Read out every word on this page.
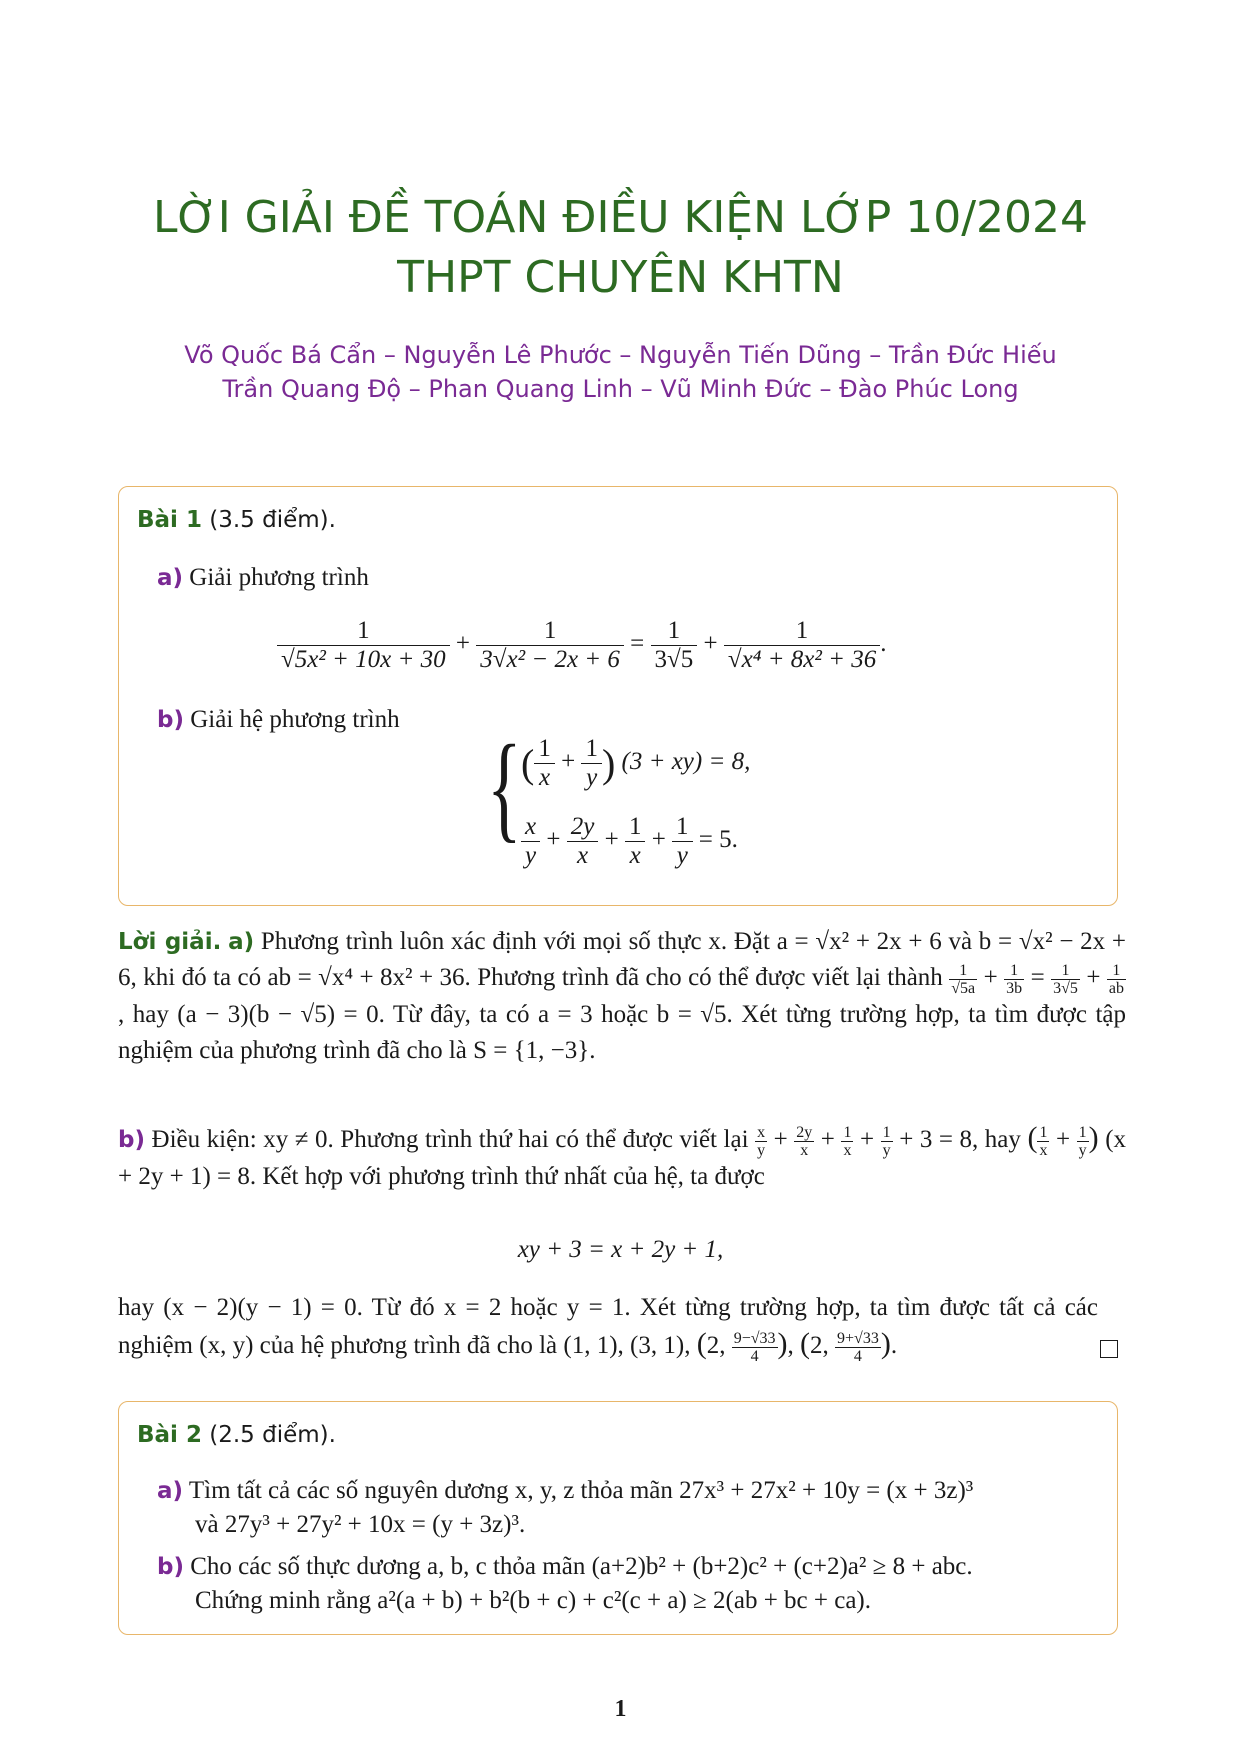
LỜI GIẢI ĐỀ TOÁN ĐIỀU KIỆN LỚP 10/2024
THPT CHUYÊN KHTN
Võ Quốc Bá Cẩn – Nguyễn Lê Phước – Nguyễn Tiến Dũng – Trần Đức Hiếu
Trần Quang Độ – Phan Quang Linh – Vũ Minh Đức – Đào Phúc Long
Bài 1 (3.5 điểm).
a) Giải phương trình
$\frac{1}{\text{√5x² + 10x + 30}} + \frac{1}{\text{3√x² − 2x + 6}} = \frac{1}{3√5} + \frac{1}{\text{√x⁴ + 8x² + 36}}$ .
b) Giải hệ phương trình
{ ( $\frac{1}{x} + \frac{1}{y}$ ) (3 + xy) = 8,
$\frac{x}{y} + \frac{2y}{x} + \frac{1}{x} + \frac{1}{y} = 5$.
Lời giải. a) Phương trình luôn xác định với mọi số thực x. Đặt a = √x² + 2x + 6 và b = √x² − 2x + 6, khi đó ta có ab = √x⁴ + 8x² + 36. Phương trình đã cho có thể được viết lại thành $\frac{1}{√5a} + \frac{1}{3b} = \frac{1}{3√5} + \frac{1}{ab}$
, hay (a − 3)(b − √5) = 0. Từ đây, ta có a = 3 hoặc b = √5. Xét từng trường hợp, ta tìm được tập nghiệm của phương trình đã cho là S = {1, −3}.
b) Điều kiện: xy ≠ 0. Phương trình thứ hai có thể được viết lại $\frac{x}{y} + \frac{2y}{x} + \frac{1}{x} + \frac{1}{y} + 3 = 8$, hay ( $\frac{1}{x} + \frac{1}{y}$ ) (x + 2y + 1) = 8. Kết hợp với phương trình thứ nhất của hệ, ta được
xy + 3 = x + 2y + 1,
hay (x − 2)(y − 1) = 0. Từ đó x = 2 hoặc y = 1. Xét từng trường hợp, ta tìm được tất cả các nghiệm (x, y) của hệ phương trình đã cho là (1, 1), (3, 1), (2, $\frac{9-√33}{4}$ ), (2, $\frac{9+√33}{4}$ ).
Bài 2 (2.5 điểm).
a) Tìm tất cả các số nguyên dương x, y, z thỏa mãn 27x³ + 27x² + 10y = (x + 3z)³
và 27y³ + 27y² + 10x = (y + 3z)³.
b) Cho các số thực dương a, b, c thỏa mãn (a+2)b² + (b+2)c² + (c+2)a² ≥ 8 + abc.
Chứng minh rằng a²(a + b) + b²(b + c) + c²(c + a) ≥ 2(ab + bc + ca).
1
